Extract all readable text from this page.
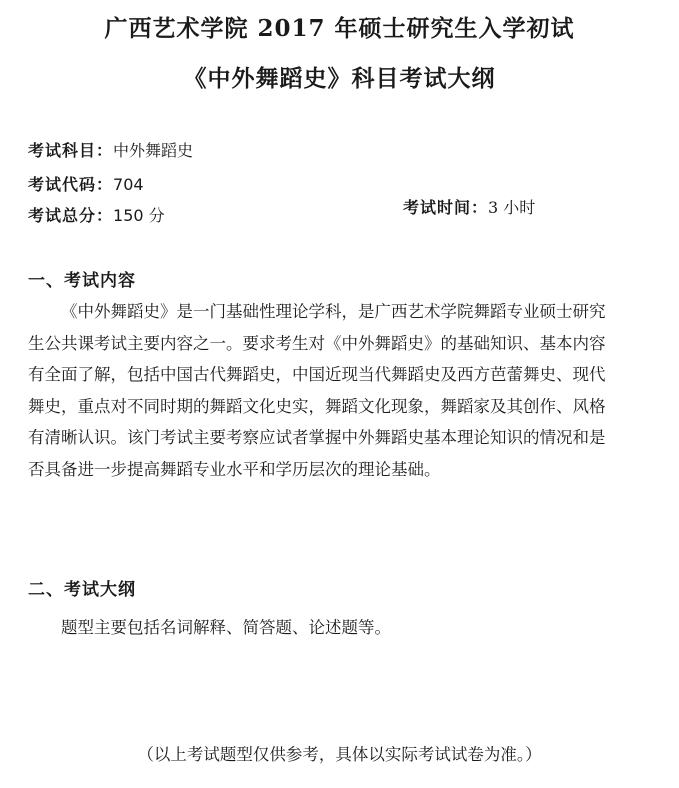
广西艺术学院 2017 年硕士研究生入学初试
《中外舞蹈史》科目考试大纲
考试科目：中外舞蹈史
考试代码：704
考试总分：150 分	考试时间：3 小时
一、考试内容
《中外舞蹈史》是一门基础性理论学科，是广西艺术学院舞蹈专业硕士研究
生公共课考试主要内容之一。要求考生对《中外舞蹈史》的基础知识、基本内容
有全面了解，包括中国古代舞蹈史，中国近现当代舞蹈史及西方芭蕾舞史、现代
舞史，重点对不同时期的舞蹈文化史实，舞蹈文化现象，舞蹈家及其创作、风格
有清晰认识。该门考试主要考察应试者掌握中外舞蹈史基本理论知识的情况和是
否具备进一步提高舞蹈专业水平和学历层次的理论基础。
二、考试大纲
题型主要包括名词解释、简答题、论述题等。
（以上考试题型仅供参考，具体以实际考试试卷为准。）
